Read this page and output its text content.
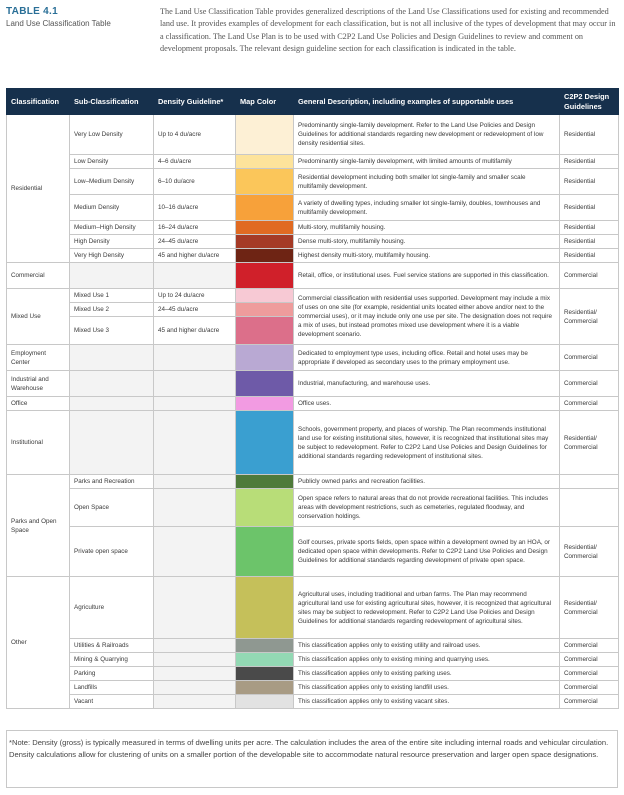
TABLE 4.1
Land Use Classification Table
The Land Use Classification Table provides generalized descriptions of the Land Use Classifications used for existing and recommended land use. It provides examples of development for each classification, but is not all inclusive of the types of development that may occur in a classification. The Land Use Plan is to be used with C2P2 Land Use Policies and Design Guidelines to review and comment on development proposals. The relevant design guideline section for each classification is indicated in the table.
Classification	Sub-Classification	Density Guideline*	Map Color	General Description, including examples of supportable uses	C2P2 Design Guidelines
Residential	Very Low Density	Up to 4 du/acre		Predominantly single-family development. Refer to the Land Use Policies and Design Guidelines for additional standards regarding new development or redevelopment of low density residential sites.	Residential
	Low Density	4–6 du/acre		Predominantly single-family development, with limited amounts of multifamily	Residential
	Low–Medium Density	6–10 du/acre		Residential development including both smaller lot single-family and smaller scale multifamily development.	Residential
	Medium Density	10–16 du/acre		A variety of dwelling types, including smaller lot single-family, doubles, townhouses and multifamily development.	Residential
	Medium–High Density	16–24 du/acre		Multi-story, multifamily housing.	Residential
	High Density	24–45 du/acre		Dense multi-story, multifamily housing.	Residential
	Very High Density	45 and higher du/acre		Highest density multi-story, multifamily housing.	Residential
Commercial				Retail, office, or institutional uses. Fuel service stations are supported in this classification.	Commercial
Mixed Use	Mixed Use 1	Up to 24 du/acre		Commercial classification with residential uses supported. Development may include a mix of uses on one site (for example, residential units located either above and/or next to the commercial uses), or it may include only one use per site. The designation does not require a mix of uses, but instead promotes mixed use development where it is a viable development scenario.	Residential/ Commercial
	Mixed Use 2	24–45 du/acre			
	Mixed Use 3	45 and higher du/acre			
Employment Center				Dedicated to employment type uses, including office. Retail and hotel uses may be appropriate if developed as secondary uses to the primary employment use.	Commercial
Industrial and Warehouse				Industrial, manufacturing, and warehouse uses.	Commercial
Office				Office uses.	Commercial
Institutional				Schools, government property, and places of worship. The Plan recommends institutional land use for existing institutional sites, however, it is recognized that institutional sites may be subject to redevelopment. Refer to C2P2 Land Use Policies and Design Guidelines for additional standards regarding redevelopment of institutional sites.	Residential/ Commercial
Parks and Open Space	Parks and Recreation			Publicly owned parks and recreation facilities.	
	Open Space			Open space refers to natural areas that do not provide recreational facilities. This includes areas with development restrictions, such as cemeteries, regulated floodway, and conservation holdings.	
	Private open space			Golf courses, private sports fields, open space within a development owned by an HOA, or dedicated open space within developments. Refer to C2P2 Land Use Policies and Design Guidelines for additional standards regarding development of private open space.	Residential/ Commercial
Other	Agriculture			Agricultural uses, including traditional and urban farms. The Plan may recommend agricultural land use for existing agricultural sites, however, it is recognized that agricultural sites may be subject to redevelopment. Refer to C2P2 Land Use Policies and Design Guidelines for additional standards regarding redevelopment of agricultural sites.	Residential/ Commercial
	Utilities & Railroads			This classification applies only to existing utility and railroad uses.	Commercial
	Mining & Quarrying			This classification applies only to existing mining and quarrying uses.	Commercial
	Parking			This classification applies only to existing parking uses.	Commercial
	Landfills			This classification applies only to existing landfill uses.	Commercial
	Vacant			This classification applies only to existing vacant sites.	Commercial
*Note: Density (gross) is typically measured in terms of dwelling units per acre. The calculation includes the area of the entire site including internal roads and vehicular circulation. Density calculations allow for clustering of units on a smaller portion of the developable site to accommodate natural resource preservation and larger open space designations.
